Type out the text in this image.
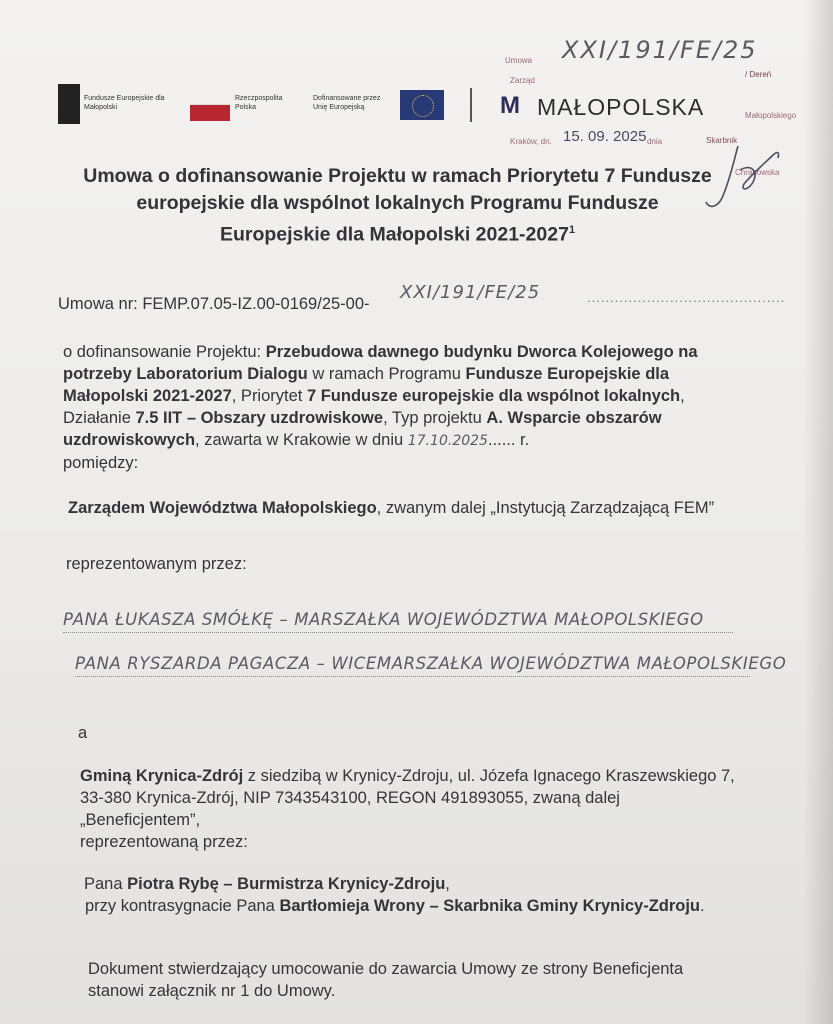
Fundusze Europejskie dla Małopolski
Rzeczpospolita Polska
Dofinansowane przez Unię Europejską	M MAŁOPOLSKA
Umowa
Zarząd
/ Dereń
Małopolskiego
Kraków, dn. 15. 09. 2025 dnia	Skarbnik
Chrabowska
XXI/191/FE/25
Umowa o dofinansowanie Projektu w ramach Priorytetu 7 Fundusze
europejskie dla wspólnot lokalnych Programu Fundusze
Europejskie dla Małopolski 2021-2027$^1$
Umowa nr: FEMP.07.05-IZ.00-0169/25-00-
XXI/191/FE/25	...........................................
o dofinansowanie Projektu: Przebudowa dawnego budynku Dworca Kolejowego na potrzeby Laboratorium Dialogu w ramach Programu Fundusze Europejskie dla Małopolski 2021-2027, Priorytet 7 Fundusze europejskie dla wspólnot lokalnych, Działanie 7.5 IIT – Obszary uzdrowiskowe, Typ projektu A. Wsparcie obszarów uzdrowiskowych, zawarta w Krakowie w dniu 17.10.2025...... r.
pomiędzy:
Zarządem Województwa Małopolskiego, zwanym dalej „Instytucją Zarządzającą FEM”
reprezentowanym przez:
PANA ŁUKASZA SMÓŁKĘ – MARSZAŁKA WOJEWÓDZTWA MAŁOPOLSKIEGO
PANA RYSZARDA PAGACZA – WICEMARSZAŁKA WOJEWÓDZTWA MAŁOPOLSKIEGO
a
Gminą Krynica-Zdrój z siedzibą w Krynicy-Zdroju, ul. Józefa Ignacego Kraszewskiego 7, 33-380 Krynica-Zdrój, NIP 7343543100, REGON 491893055, zwaną dalej „Beneficjentem”,
reprezentowaną przez:
Pana Piotra Rybę – Burmistrza Krynicy-Zdroju,
przy kontrasygnacie Pana Bartłomieja Wrony – Skarbnika Gminy Krynicy-Zdroju.
Dokument stwierdzający umocowanie do zawarcia Umowy ze strony Beneficjenta stanowi załącznik nr 1 do Umowy.
